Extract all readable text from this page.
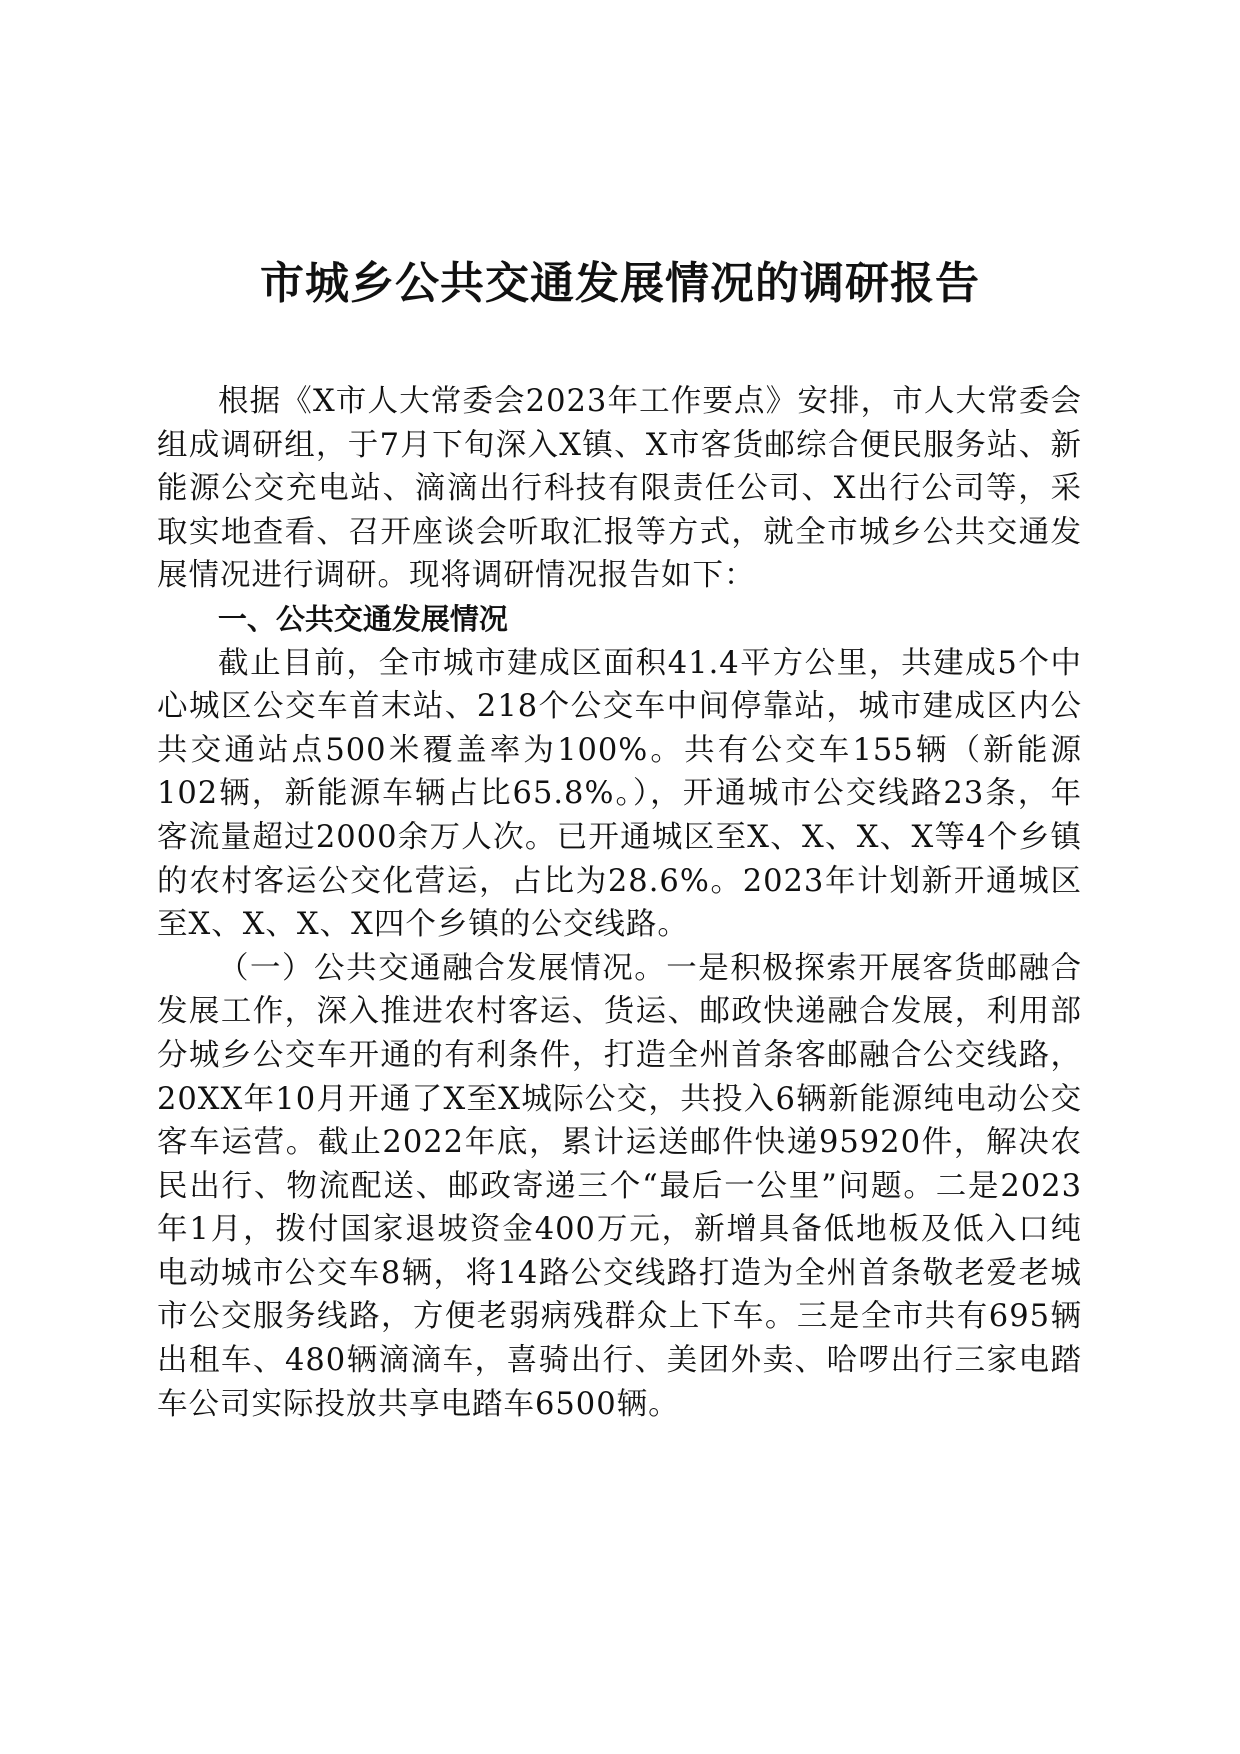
市城乡公共交通发展情况的调研报告

根据《X市人大常委会2023年工作要点》安排，市人大常委会组成调研组，于7月下旬深入X镇、X市客货邮综合便民服务站、新能源公交充电站、滴滴出行科技有限责任公司、X出行公司等，采取实地查看、召开座谈会听取汇报等方式，就全市城乡公共交通发展情况进行调研。现将调研情况报告如下：

一、公共交通发展情况

截止目前，全市城市建成区面积41.4平方公里，共建成5个中心城区公交车首末站、218个公交车中间停靠站，城市建成区内公共交通站点500米覆盖率为100%。共有公交车155辆（新能源102辆，新能源车辆占比65.8%。），开通城市公交线路23条，年客流量超过2000余万人次。已开通城区至X、X、X、X等4个乡镇的农村客运公交化营运，占比为28.6%。2023年计划新开通城区至X、X、X、X四个乡镇的公交线路。

（一）公共交通融合发展情况。一是积极探索开展客货邮融合发展工作，深入推进农村客运、货运、邮政快递融合发展，利用部分城乡公交车开通的有利条件，打造全州首条客邮融合公交线路，20XX年10月开通了X至X城际公交，共投入6辆新能源纯电动公交客车运营。截止2022年底，累计运送邮件快递95920件，解决农民出行、物流配送、邮政寄递三个“最后一公里”问题。二是2023年1月，拨付国家退坡资金400万元，新增具备低地板及低入口纯电动城市公交车8辆，将14路公交线路打造为全州首条敬老爱老城市公交服务线路，方便老弱病残群众上下车。三是全市共有695辆出租车、480辆滴滴车，喜骑出行、美团外卖、哈啰出行三家电踏车公司实际投放共享电踏车6500辆。
